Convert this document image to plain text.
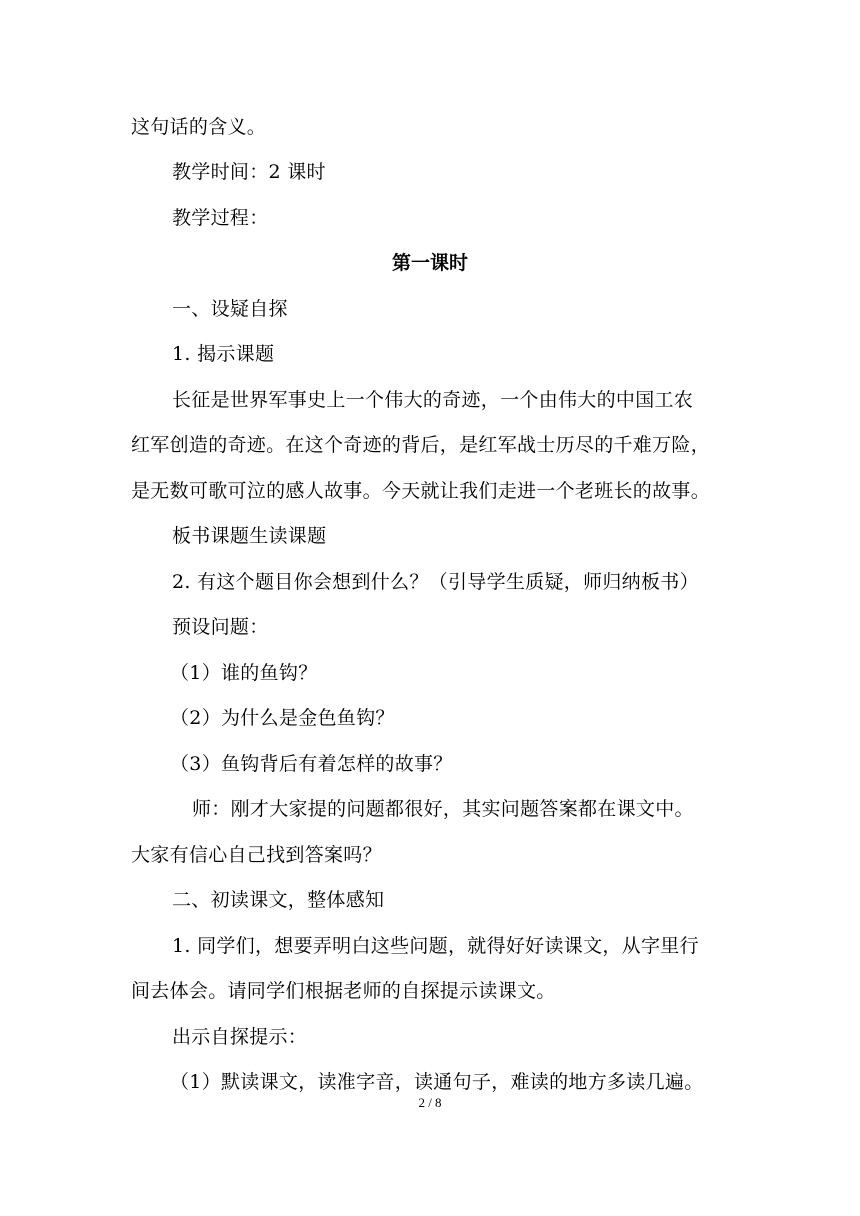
这句话的含义。
教学时间：2 课时
教学过程：
第一课时
一、设疑自探
1. 揭示课题
长征是世界军事史上一个伟大的奇迹，一个由伟大的中国工农
红军创造的奇迹。在这个奇迹的背后，是红军战士历尽的千难万险，
是无数可歌可泣的感人故事。今天就让我们走进一个老班长的故事。
板书课题生读课题
2. 有这个题目你会想到什么？（引导学生质疑，师归纳板书）
预设问题：
（1）谁的鱼钩？
（2）为什么是金色鱼钩？
（3）鱼钩背后有着怎样的故事？
师：刚才大家提的问题都很好，其实问题答案都在课文中。
大家有信心自己找到答案吗？
二、初读课文，整体感知
1. 同学们，想要弄明白这些问题，就得好好读课文，从字里行
间去体会。请同学们根据老师的自探提示读课文。
出示自探提示：
（1）默读课文，读准字音，读通句子，难读的地方多读几遍。
2 / 8
